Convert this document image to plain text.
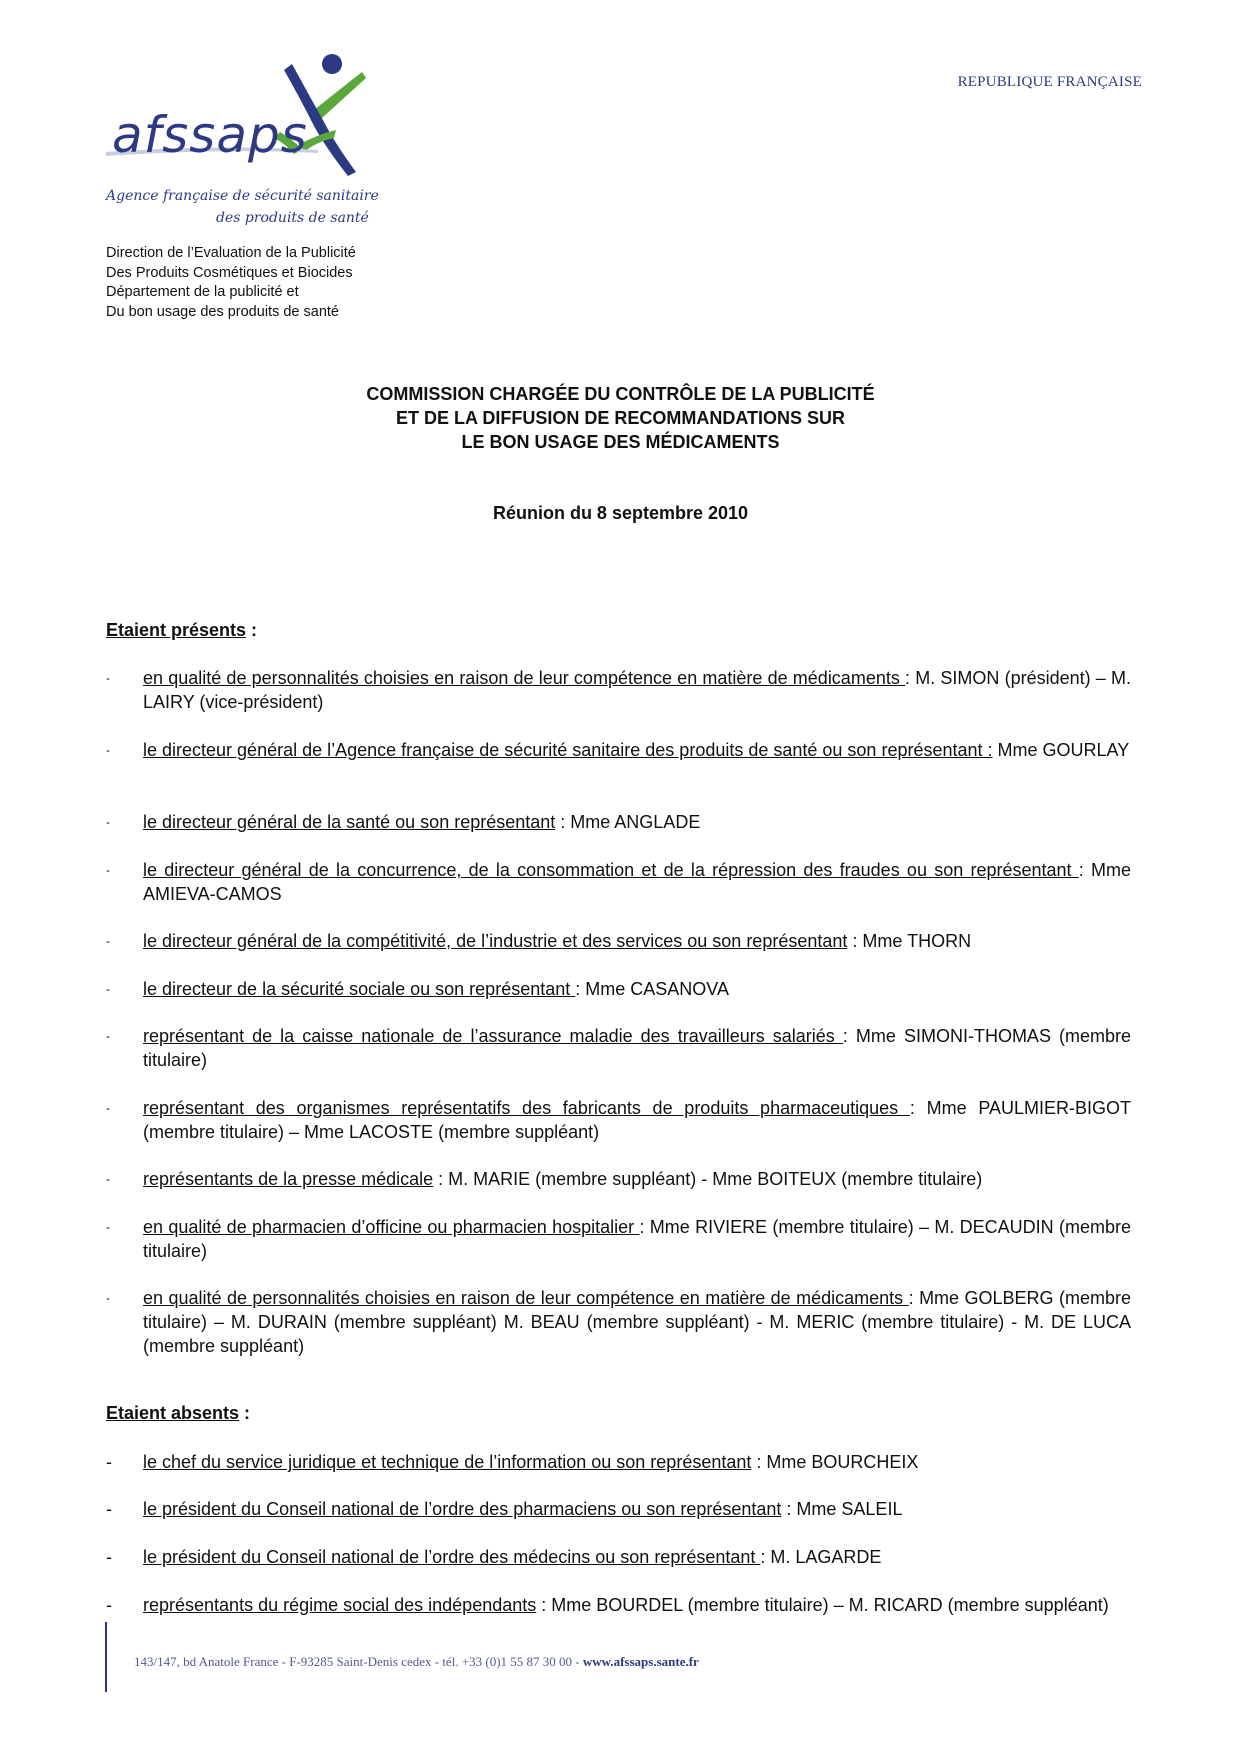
afssaps
Agence française de sécurité sanitaire
des produits de santé
REPUBLIQUE FRANÇAISE
Direction de l’Evaluation de la Publicité
Des Produits Cosmétiques et Biocides
Département de la publicité et
Du bon usage des produits de santé
COMMISSION CHARGÉE DU CONTRÔLE DE LA PUBLICITÉ
ET DE LA DIFFUSION DE RECOMMANDATIONS SUR
LE BON USAGE DES MÉDICAMENTS
Réunion du 8 septembre 2010
Etaient présents :
- en qualité de personnalités choisies en raison de leur compétence en matière de médicaments : M. SIMON (président) – M. LAIRY (vice-président)
- le directeur général de l’Agence française de sécurité sanitaire des produits de santé ou son représentant : Mme GOURLAY
- le directeur général de la santé ou son représentant : Mme ANGLADE
- le directeur général de la concurrence, de la consommation et de la répression des fraudes ou son représentant : Mme AMIEVA-CAMOS
- le directeur général de la compétitivité, de l’industrie et des services ou son représentant : Mme THORN
- le directeur de la sécurité sociale ou son représentant : Mme CASANOVA
- représentant de la caisse nationale de l’assurance maladie des travailleurs salariés : Mme SIMONI-THOMAS (membre titulaire)
- représentant des organismes représentatifs des fabricants de produits pharmaceutiques : Mme PAULMIER-BIGOT (membre titulaire) – Mme LACOSTE (membre suppléant)
- représentants de la presse médicale : M. MARIE (membre suppléant) - Mme BOITEUX (membre titulaire)
- en qualité de pharmacien d’officine ou pharmacien hospitalier : Mme RIVIERE (membre titulaire) – M. DECAUDIN (membre titulaire)
- en qualité de personnalités choisies en raison de leur compétence en matière de médicaments : Mme GOLBERG (membre titulaire) – M. DURAIN (membre suppléant) M. BEAU (membre suppléant) - M. MERIC (membre titulaire) - M. DE LUCA (membre suppléant)
Etaient absents :
- le chef du service juridique et technique de l’information ou son représentant : Mme BOURCHEIX
- le président du Conseil national de l’ordre des pharmaciens ou son représentant : Mme SALEIL
- le président du Conseil national de l’ordre des médecins ou son représentant : M. LAGARDE
- représentants du régime social des indépendants : Mme BOURDEL (membre titulaire) – M. RICARD (membre suppléant)
143/147, bd Anatole France - F-93285 Saint-Denis cedex - tél. +33 (0)1 55 87 30 00 - www.afssaps.sante.fr
